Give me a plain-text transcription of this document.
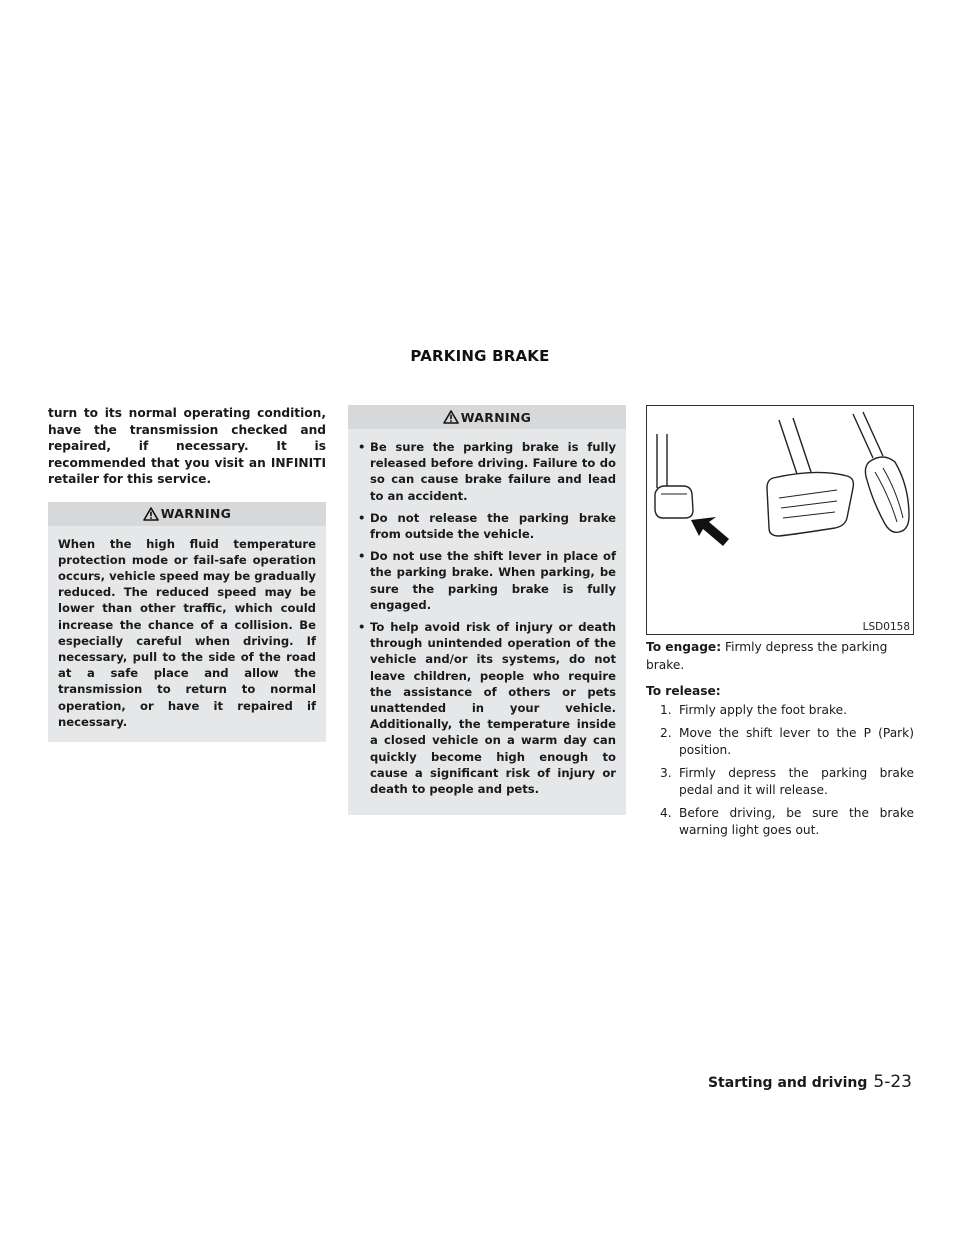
PARKING BRAKE

turn to its normal operating condition, have the transmission checked and repaired, if necessary. It is recommended that you visit an INFINITI retailer for this service.

WARNING

When the high fluid temperature protection mode or fail-safe operation occurs, vehicle speed may be gradually reduced. The reduced speed may be lower than other traffic, which could increase the chance of a collision. Be especially careful when driving. If necessary, pull to the side of the road at a safe place and allow the transmission to return to normal operation, or have it repaired if necessary.

WARNING
• Be sure the parking brake is fully released before driving. Failure to do so can cause brake failure and lead to an accident.
• Do not release the parking brake from outside the vehicle.
• Do not use the shift lever in place of the parking brake. When parking, be sure the parking brake is fully engaged.
• To help avoid risk of injury or death through unintended operation of the vehicle and/or its systems, do not leave children, people who require the assistance of others or pets unattended in your vehicle. Additionally, the temperature inside a closed vehicle on a warm day can quickly become high enough to cause a significant risk of injury or death to people and pets.
LSD0158

To engage: Firmly depress the parking brake.

To release:

1. Firmly apply the foot brake.
2. Move the shift lever to the P (Park) position.
3. Firmly depress the parking brake pedal and it will release.
4. Before driving, be sure the brake warning light goes out.
Starting and driving 5-23
